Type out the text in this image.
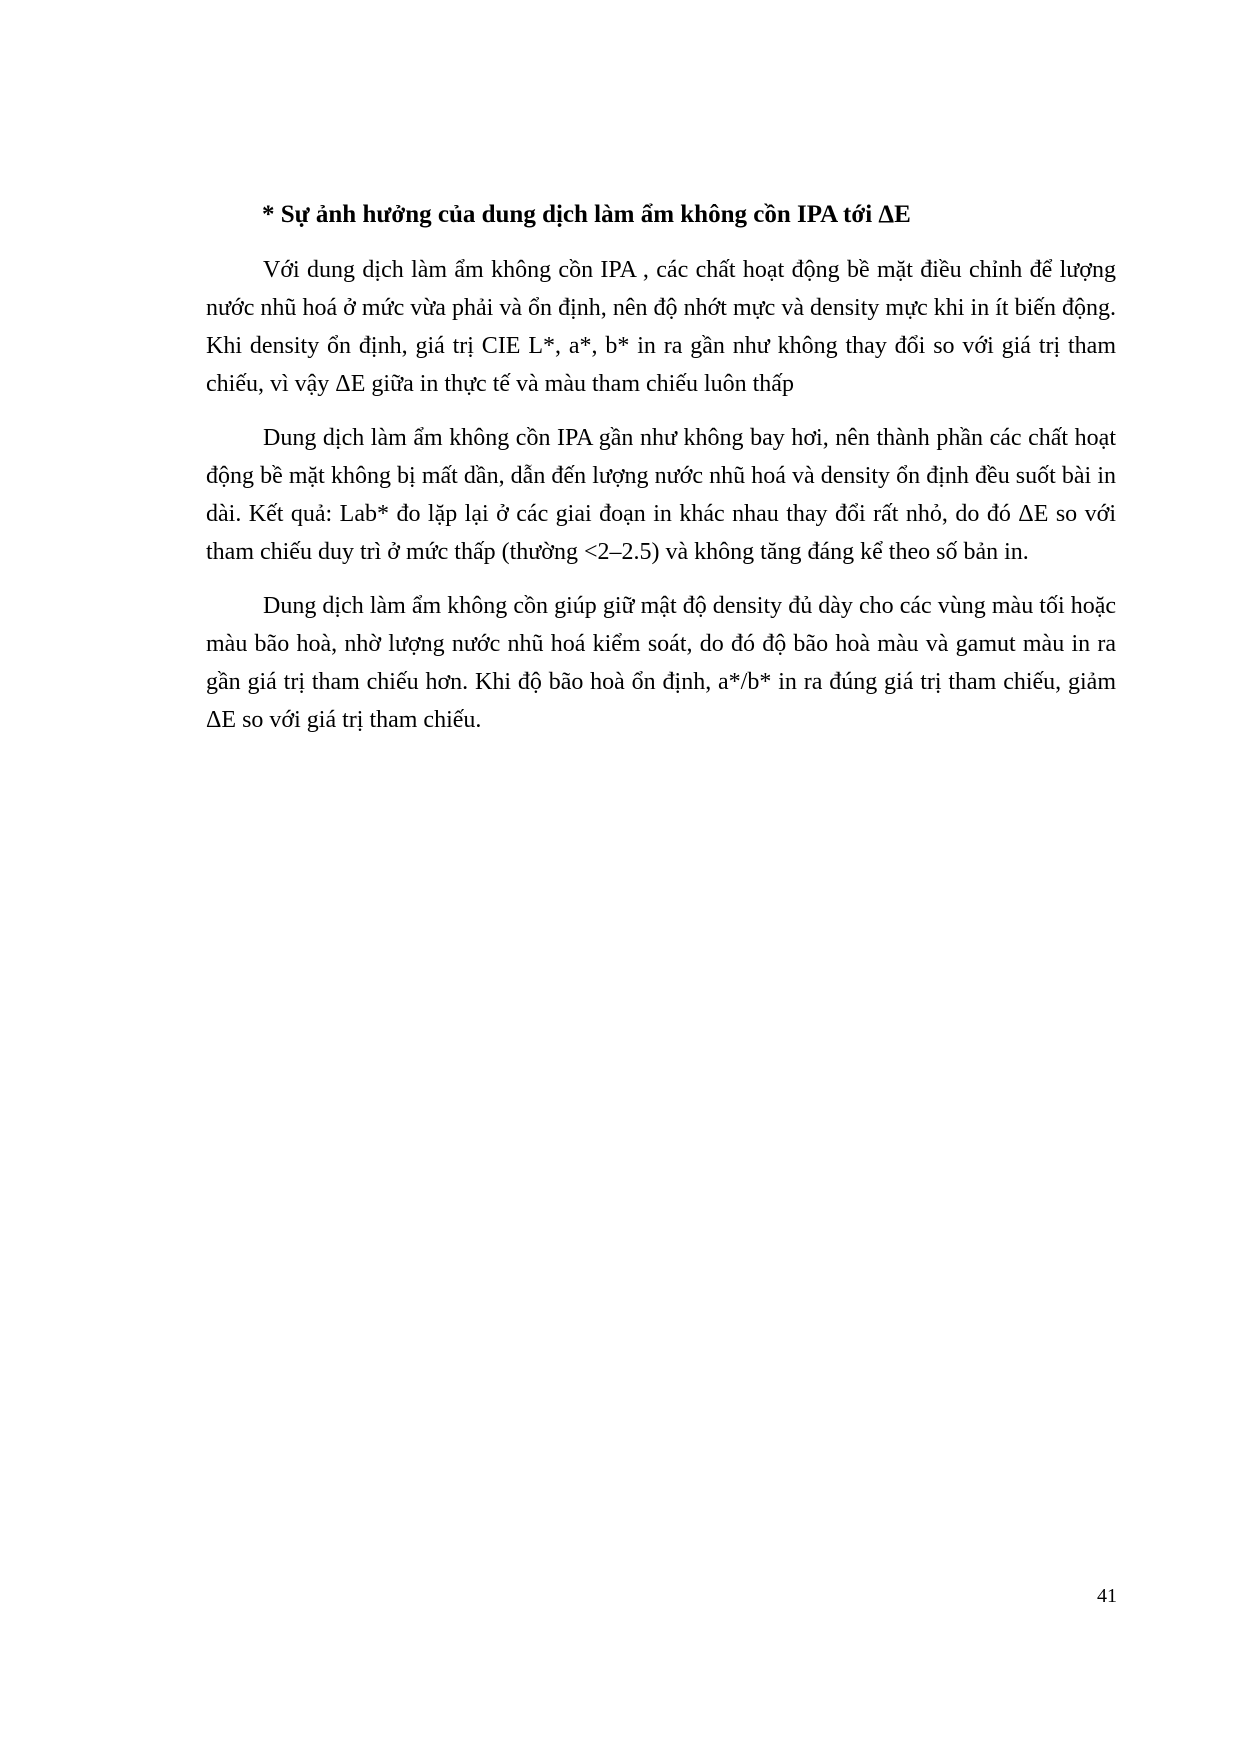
* Sự ảnh hưởng của dung dịch làm ẩm không cồn IPA tới ΔE

Với dung dịch làm ẩm không cồn IPA , các chất hoạt động bề mặt điều chỉnh để lượng nước nhũ hoá ở mức vừa phải và ổn định, nên độ nhớt mực và density mực khi in ít biến động. Khi density ổn định, giá trị CIE L*, a*, b* in ra gần như không thay đổi so với giá trị tham chiếu, vì vậy ΔE giữa in thực tế và màu tham chiếu luôn thấp

Dung dịch làm ẩm không cồn IPA gần như không bay hơi, nên thành phần các chất hoạt động bề mặt không bị mất dần, dẫn đến lượng nước nhũ hoá và density ổn định đều suốt bài in dài. Kết quả: Lab* đo lặp lại ở các giai đoạn in khác nhau thay đổi rất nhỏ, do đó ΔE so với tham chiếu duy trì ở mức thấp (thường <2–2.5) và không tăng đáng kể theo số bản in.

Dung dịch làm ẩm không cồn giúp giữ mật độ density đủ dày cho các vùng màu tối hoặc màu bão hoà, nhờ lượng nước nhũ hoá kiểm soát, do đó độ bão hoà màu và gamut màu in ra gần giá trị tham chiếu hơn. Khi độ bão hoà ổn định, a*/b* in ra đúng giá trị tham chiếu, giảm ΔE so với giá trị tham chiếu.

41
